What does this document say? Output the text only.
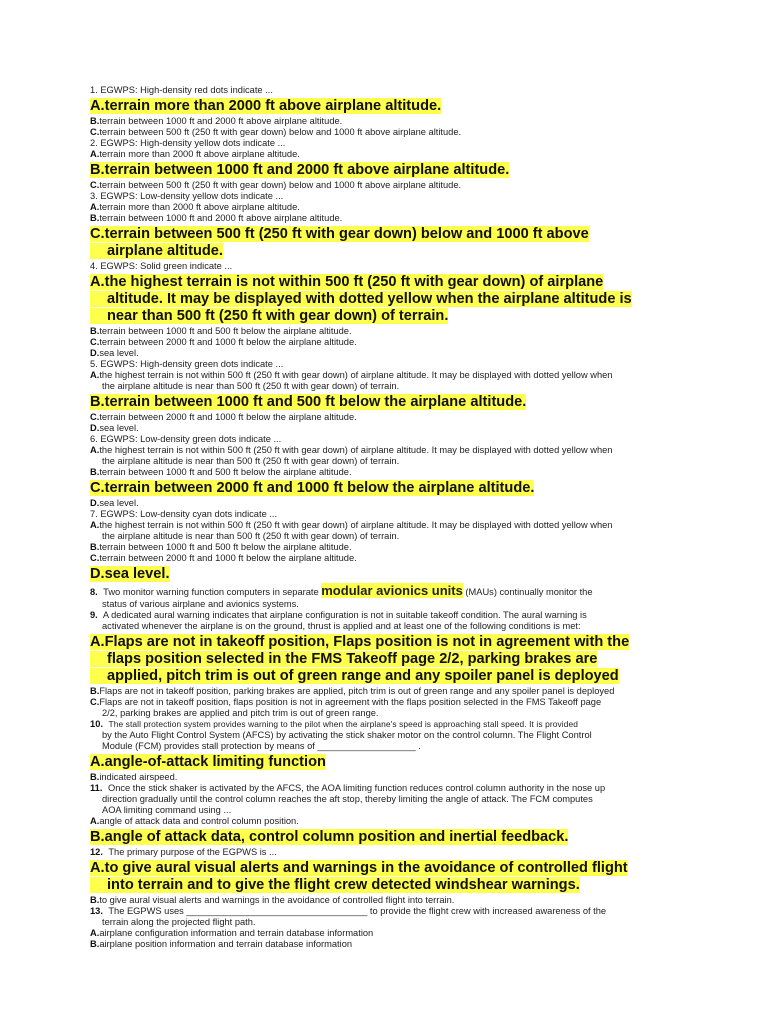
1. EGWPS: High-density red dots indicate ...
A.terrain more than 2000 ft above airplane altitude.
B.terrain between 1000 ft and 2000 ft above airplane altitude.
C.terrain between 500 ft (250 ft with gear down) below and 1000 ft above airplane altitude.
2. EGWPS: High-density yellow dots indicate ...
A.terrain more than 2000 ft above airplane altitude.
B.terrain between 1000 ft and 2000 ft above airplane altitude.
C.terrain between 500 ft (250 ft with gear down) below and 1000 ft above airplane altitude.
3. EGWPS: Low-density yellow dots indicate ...
A.terrain more than 2000 ft above airplane altitude.
B.terrain between 1000 ft and 2000 ft above airplane altitude.
C.terrain between 500 ft (250 ft with gear down) below and 1000 ft above
airplane altitude.
4. EGWPS: Solid green indicate ...
A.the highest terrain is not within 500 ft (250 ft with gear down) of airplane
altitude. It may be displayed with dotted yellow when the airplane altitude is
near than 500 ft (250 ft with gear down) of terrain.
B.terrain between 1000 ft and 500 ft below the airplane altitude.
C.terrain between 2000 ft and 1000 ft below the airplane altitude.
D.sea level.
5. EGWPS: High-density green dots indicate ...
A.the highest terrain is not within 500 ft (250 ft with gear down) of airplane altitude. It may be displayed with dotted yellow when
the airplane altitude is near than 500 ft (250 ft with gear down) of terrain.
B.terrain between 1000 ft and 500 ft below the airplane altitude.
C.terrain between 2000 ft and 1000 ft below the airplane altitude.
D.sea level.
6. EGWPS: Low-density green dots indicate ...
A.the highest terrain is not within 500 ft (250 ft with gear down) of airplane altitude. It may be displayed with dotted yellow when
the airplane altitude is near than 500 ft (250 ft with gear down) of terrain.
B.terrain between 1000 ft and 500 ft below the airplane altitude.
C.terrain between 2000 ft and 1000 ft below the airplane altitude.
D.sea level.
7. EGWPS: Low-density cyan dots indicate ...
A.the highest terrain is not within 500 ft (250 ft with gear down) of airplane altitude. It may be displayed with dotted yellow when
the airplane altitude is near than 500 ft (250 ft with gear down) of terrain.
B.terrain between 1000 ft and 500 ft below the airplane altitude.
C.terrain between 2000 ft and 1000 ft below the airplane altitude.
D.sea level.
8. Two monitor warning function computers in separate modular avionics units (MAUs) continually monitor the
status of various airplane and avionics systems.
9. A dedicated aural warning indicates that airplane configuration is not in suitable takeoff condition. The aural warning is
activated whenever the airplane is on the ground, thrust is applied and at least one of the following conditions is met:
A.Flaps are not in takeoff position, Flaps position is not in agreement with the
flaps position selected in the FMS Takeoff page 2/2, parking brakes are
applied, pitch trim is out of green range and any spoiler panel is deployed
B.Flaps are not in takeoff position, parking brakes are applied, pitch trim is out of green range and any spoiler panel is deployed
C.Flaps are not in takeoff position, flaps position is not in agreement with the flaps position selected in the FMS Takeoff page
2/2, parking brakes are applied and pitch trim is out of green range.
10. The stall protection system provides warning to the pilot when the airplane's speed is approaching stall speed. It is provided
by the Auto Flight Control System (AFCS) by activating the stick shaker motor on the control column. The Flight Control
Module (FCM) provides stall protection by means of ___________________ .
A.angle-of-attack limiting function
B.indicated airspeed.
11. Once the stick shaker is activated by the AFCS, the AOA limiting function reduces control column authority in the nose up
direction gradually until the control column reaches the aft stop, thereby limiting the angle of attack. The FCM computes
AOA limiting command using ...
A.angle of attack data and control column position.
B.angle of attack data, control column position and inertial feedback.
12. The primary purpose of the EGPWS is ...
A.to give aural visual alerts and warnings in the avoidance of controlled flight
into terrain and to give the flight crew detected windshear warnings.
B.to give aural visual alerts and warnings in the avoidance of controlled flight into terrain.
13. The EGPWS uses ___________________________________ to provide the flight crew with increased awareness of the
terrain along the projected flight path.
A.airplane configuration information and terrain database information
B.airplane position information and terrain database information
